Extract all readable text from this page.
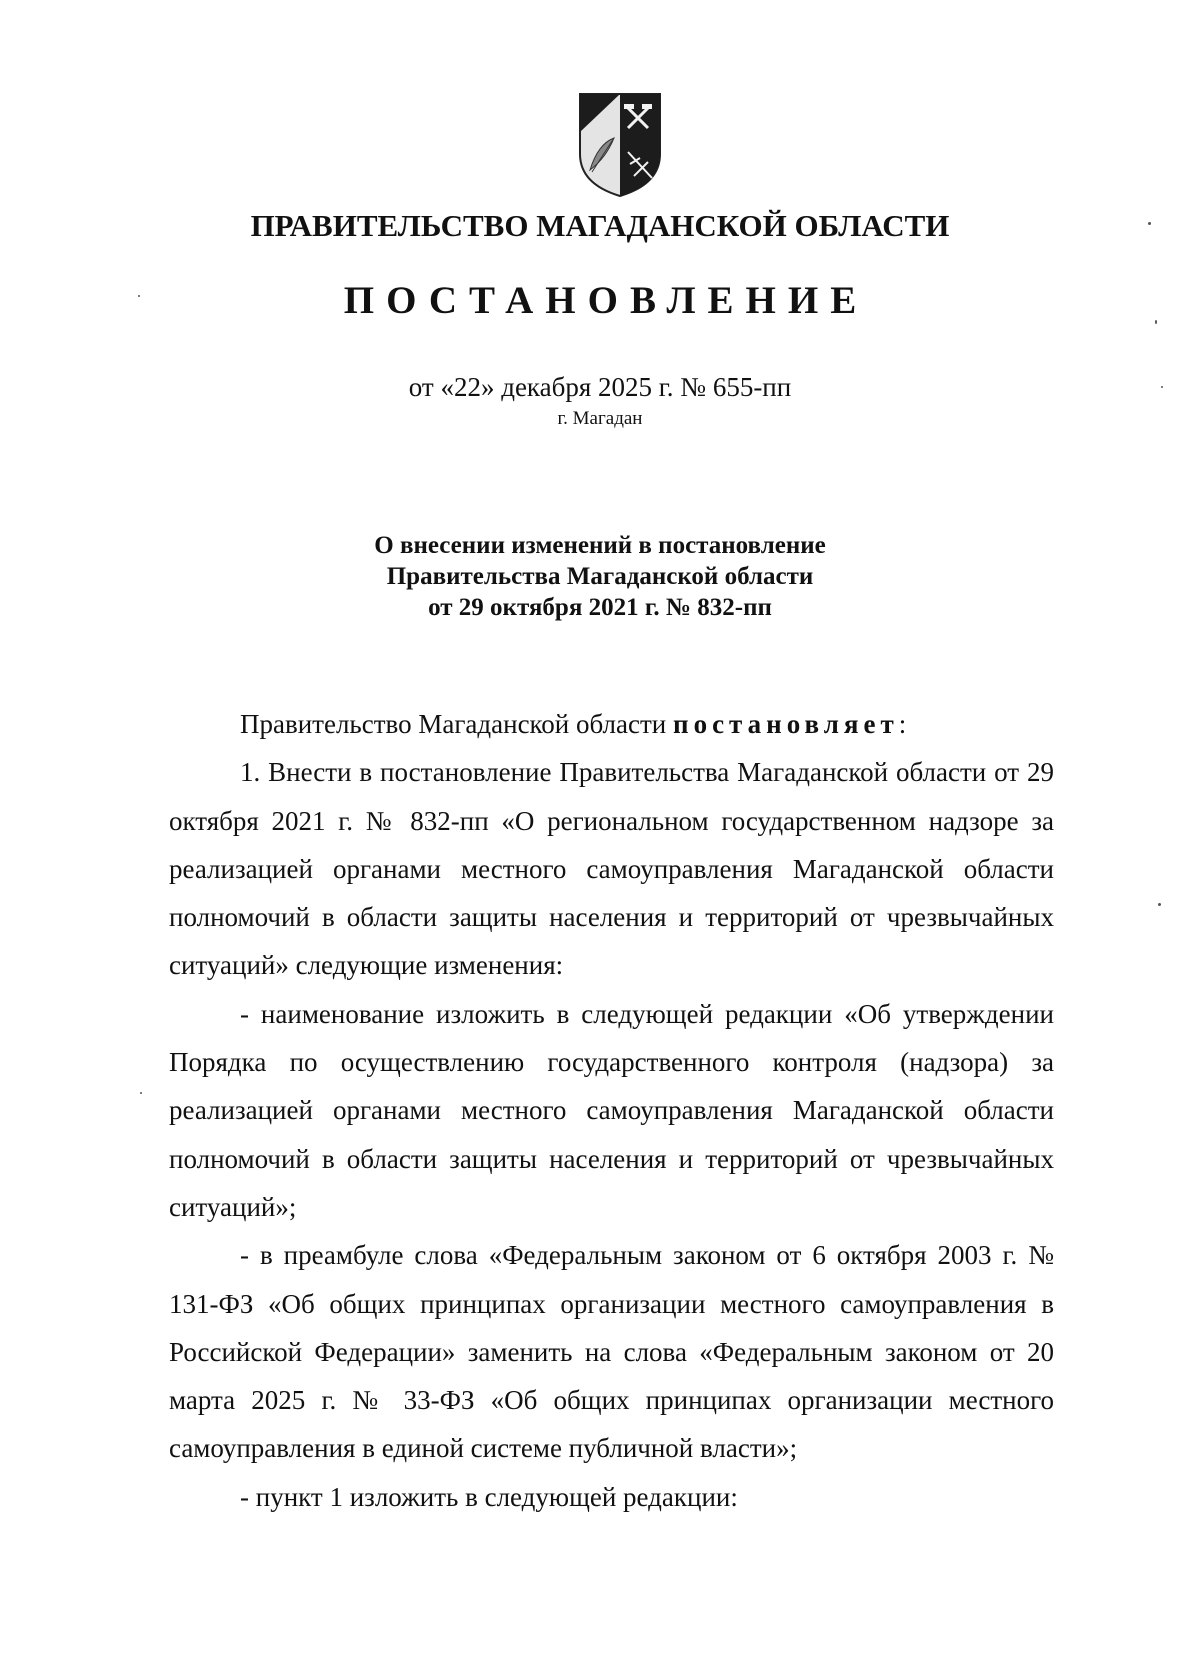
ПРАВИТЕЛЬСТВО МАГАДАНСКОЙ ОБЛАСТИ
ПОСТАНОВЛЕНИЕ
от «22» декабря 2025 г. № 655-пп
г. Магадан
О внесении изменений в постановление
Правительства Магаданской области
от 29 октября 2021 г. № 832-пп

Правительство Магаданской области постановляет:

1. Внести в постановление Правительства Магаданской области от 29 октября 2021 г. № 832-пп «О региональном государственном надзоре за реализацией органами местного самоуправления Магаданской области полномочий в области защиты населения и территорий от чрезвычайных ситуаций» следующие изменения:

- наименование изложить в следующей редакции «Об утверждении Порядка по осуществлению государственного контроля (надзора) за реализацией органами местного самоуправления Магаданской области полномочий в области защиты населения и территорий от чрезвычайных ситуаций»;

- в преамбуле слова «Федеральным законом от 6 октября 2003 г. № 131-ФЗ «Об общих принципах организации местного самоуправления в Российской Федерации» заменить на слова «Федеральным законом от 20 марта 2025 г. № 33-ФЗ «Об общих принципах организации местного самоуправления в единой системе публичной власти»;

- пункт 1 изложить в следующей редакции:
